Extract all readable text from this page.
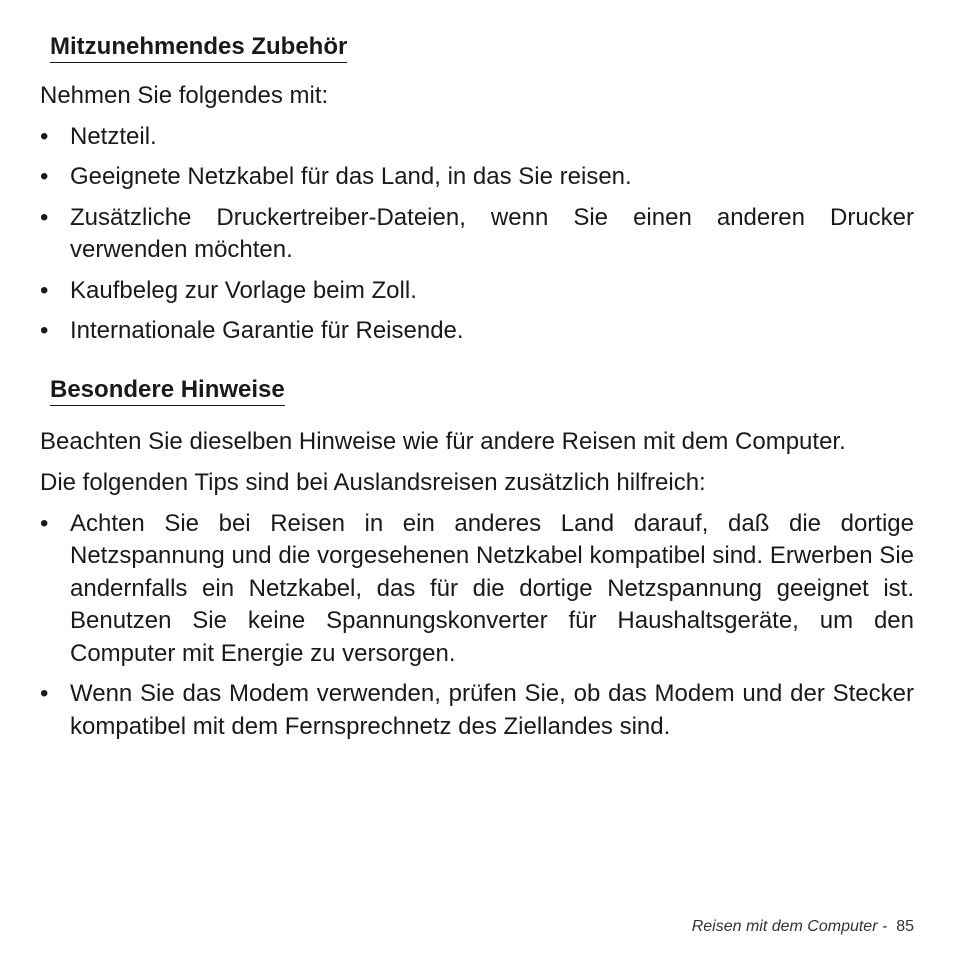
Mitzunehmendes Zubehör

Nehmen Sie folgendes mit:

• Netzteil.
• Geeignete Netzkabel für das Land, in das Sie reisen.
• Zusätzliche Druckertreiber-Dateien, wenn Sie einen anderen Drucker verwenden möchten.
• Kaufbeleg zur Vorlage beim Zoll.
• Internationale Garantie für Reisende.
Besondere Hinweise

Beachten Sie dieselben Hinweise wie für andere Reisen mit dem Computer.

Die folgenden Tips sind bei Auslandsreisen zusätzlich hilfreich:

• Achten Sie bei Reisen in ein anderes Land darauf, daß die dortige Netzspannung und die vorgesehenen Netzkabel kompatibel sind. Erwerben Sie andernfalls ein Netzkabel, das für die dortige Netzspannung geeignet ist. Benutzen Sie keine Spannungskonverter für Haushaltsgeräte, um den Computer mit Energie zu versorgen.
• Wenn Sie das Modem verwenden, prüfen Sie, ob das Modem und der Stecker kompatibel mit dem Fernsprechnetz des Ziellandes sind.
Reisen mit dem Computer - 85
